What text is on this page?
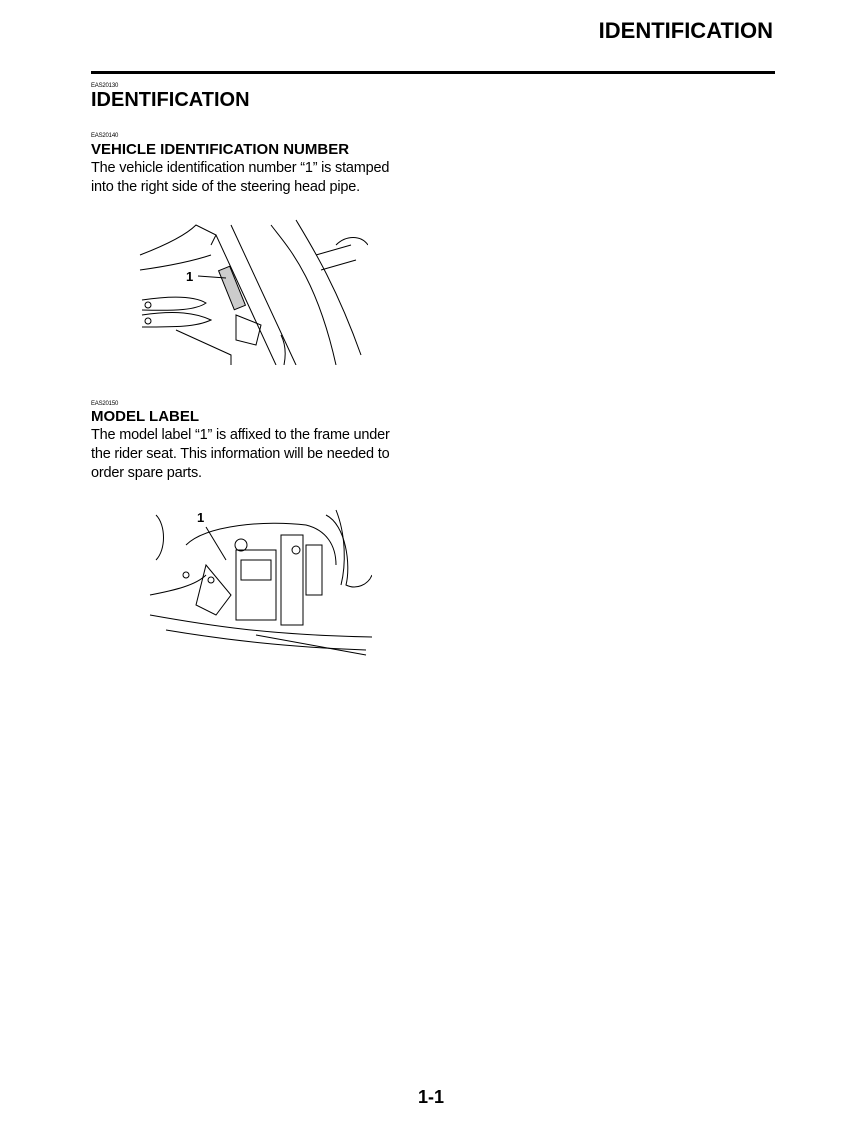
IDENTIFICATION
EAS20130
IDENTIFICATION
EAS20140
VEHICLE IDENTIFICATION NUMBER
The vehicle identification number “1” is stamped
into the right side of the steering head pipe.
1
EAS20150
MODEL LABEL
The model label “1” is affixed to the frame under
the rider seat. This information will be needed to
order spare parts.
1
1-1
